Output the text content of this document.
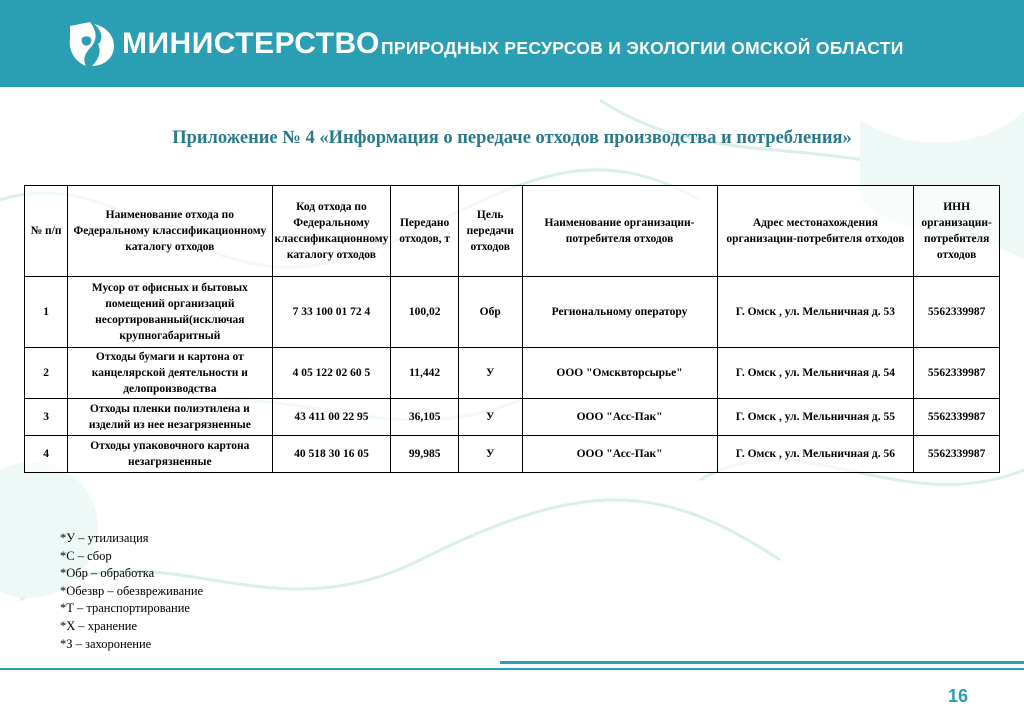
МИНИСТЕРСТВО ПРИРОДНЫХ РЕСУРСОВ И ЭКОЛОГИИ ОМСКОЙ ОБЛАСТИ
Приложение № 4 «Информация о передаче отходов производства и потребления»
№ п/п	Наименование отхода по Федеральному классификационному каталогу отходов	Код отхода по Федеральному классификационному каталогу отходов	Передано отходов, т	Цель передачи отходов	Наименование организации-потребителя отходов	Адрес местонахождения организации-потребителя отходов	ИНН организации-потребителя отходов
1	Мусор от офисных и бытовых помещений организаций несортированный(исключая крупногабаритный	7 33 100 01 72 4	100,02	Обр	Региональному оператору	Г. Омск , ул. Мельничная д. 53	5562339987
2	Отходы бумаги и картона от канцелярской деятельности и делопроизводства	4 05 122 02 60 5	11,442	У	ООО "Омсквторсырье"	Г. Омск , ул. Мельничная д. 54	5562339987
3	Отходы пленки полиэтилена и изделий из нее незагрязненные	43 411 00 22 95	36,105	У	ООО "Асс-Пак"	Г. Омск , ул. Мельничная д. 55	5562339987
4	Отходы упаковочного картона незагрязненные	40 518 30 16 05	99,985	У	ООО "Асс-Пак"	Г. Омск , ул. Мельничная д. 56	5562339987
*У – утилизация
*С – сбор
*Обр – обработка
*Обезвр – обезвреживание
*Т – транспортирование
*Х – хранение
*З – захоронение
16
